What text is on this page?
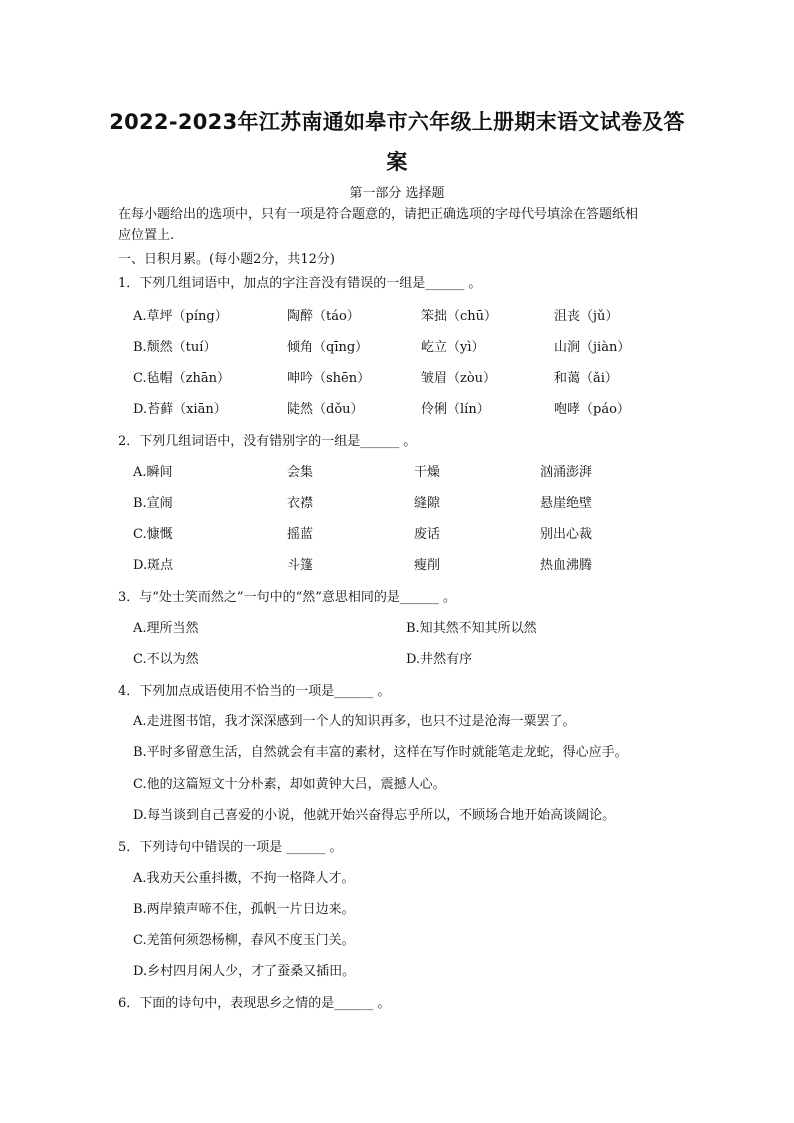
2022-2023年江苏南通如皋市六年级上册期末语文试卷及答
案
第一部分 选择题
在每小题给出的选项中，只有一项是符合题意的，请把正确选项的字母代号填涂在答题纸相
应位置上.
一、日积月累。(每小题2分，共12分)
1．下列几组词语中，加点的字注音没有错误的一组是______ 。
A.草坪（píng）	陶醉（táo）	笨拙（chū）	沮丧（jǔ）
B.颓然（tuí）	倾角（qīng）	屹立（yì）	山涧（jiàn）
C.毡帽（zhān）	呻吟（shēn）	皱眉（zòu）	和蔼（ǎi）
D.苔藓（xiān）	陡然（dǒu）	伶俐（lín）	咆哮（páo）
2．下列几组词语中，没有错别字的一组是______ 。
A.瞬间	会集	干燥	汹涌澎湃
B.宣闹	衣襟	缝隙	悬崖绝壁
C.慷慨	摇蓝	废话	别出心裁
D.斑点	斗篷	瘦削	热血沸腾
3．与“处士笑而然之”一句中的“然”意思相同的是______ 。
A.理所当然	B.知其然不知其所以然
C.不以为然	D.井然有序
4．下列加点成语使用不恰当的一项是______ 。
A.走进图书馆，我才深深感到一个人的知识再多，也只不过是沧海一粟罢了。
B.平时多留意生活，自然就会有丰富的素材，这样在写作时就能笔走龙蛇，得心应手。
C.他的这篇短文十分朴素，却如黄钟大吕，震撼人心。
D.每当谈到自己喜爱的小说，他就开始兴奋得忘乎所以，不顾场合地开始高谈阔论。
5．下列诗句中错误的一项是 ______ 。
A.我劝天公重抖擞，不拘一格降人才。
B.两岸猿声啼不住，孤帆一片日边来。
C.羌笛何须怨杨柳，春风不度玉门关。
D.乡村四月闲人少，才了蚕桑又插田。
6．下面的诗句中，表现思乡之情的是______ 。
